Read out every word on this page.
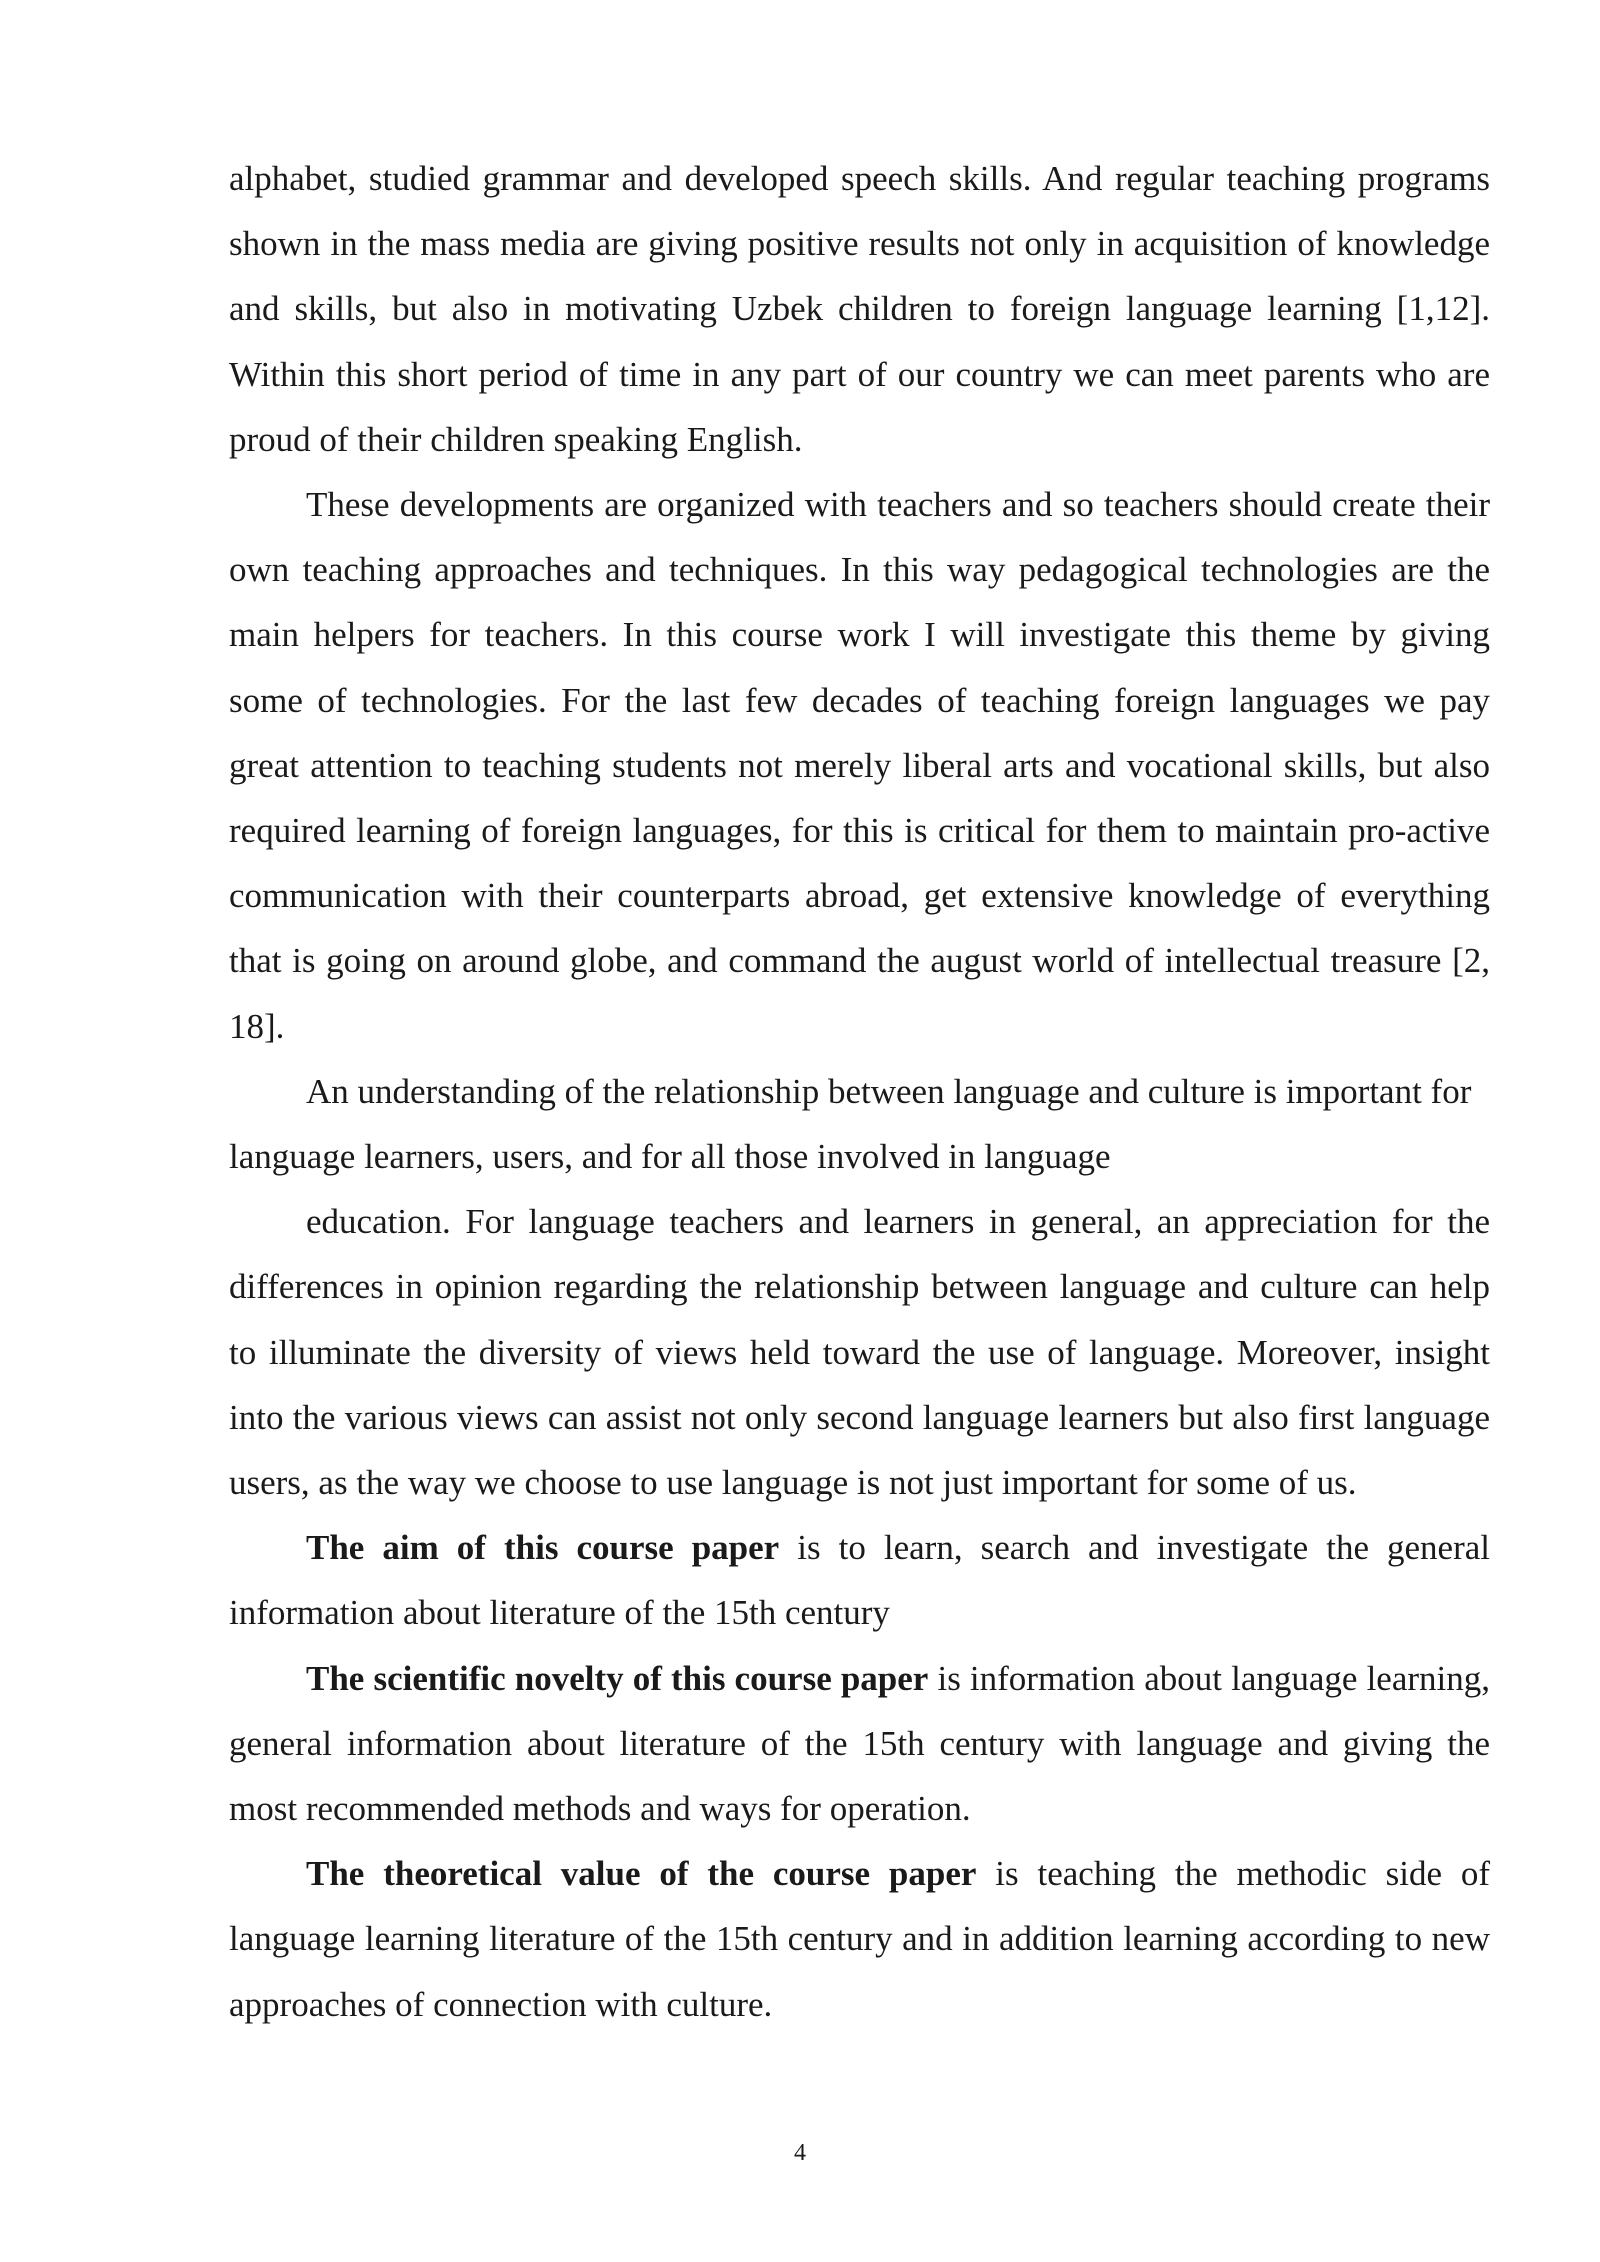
alphabet, studied grammar and developed speech skills. And regular teaching programs shown in the mass media are giving positive results not only in acquisition of knowledge and skills, but also in motivating Uzbek children to foreign language learning [1,12]. Within this short period of time in any part of our country we can meet parents who are proud of their children speaking English.

These developments are organized with teachers and so teachers should create their own teaching approaches and techniques. In this way pedagogical technologies are the main helpers for teachers. In this course work I will investigate this theme by giving some of technologies. For the last few decades of teaching foreign languages we pay great attention to teaching students not merely liberal arts and vocational skills, but also required learning of foreign languages, for this is critical for them to maintain pro-active communication with their counterparts abroad, get extensive knowledge of everything that is going on around globe, and command the august world of intellectual treasure [2, 18].

An understanding of the relationship between language and culture is important for language learners, users, and for all those involved in language

education. For language teachers and learners in general, an appreciation for the differences in opinion regarding the relationship between language and culture can help to illuminate the diversity of views held toward the use of language. Moreover, insight into the various views can assist not only second language learners but also first language users, as the way we choose to use language is not just important for some of us.

The aim of this course paper is to learn, search and investigate the general information about literature of the 15th century

The scientific novelty of this course paper is information about language learning, general information about literature of the 15th century with language and giving the most recommended methods and ways for operation.

The theoretical value of the course paper is teaching the methodic side of language learning literature of the 15th century and in addition learning according to new approaches of connection with culture.

4
